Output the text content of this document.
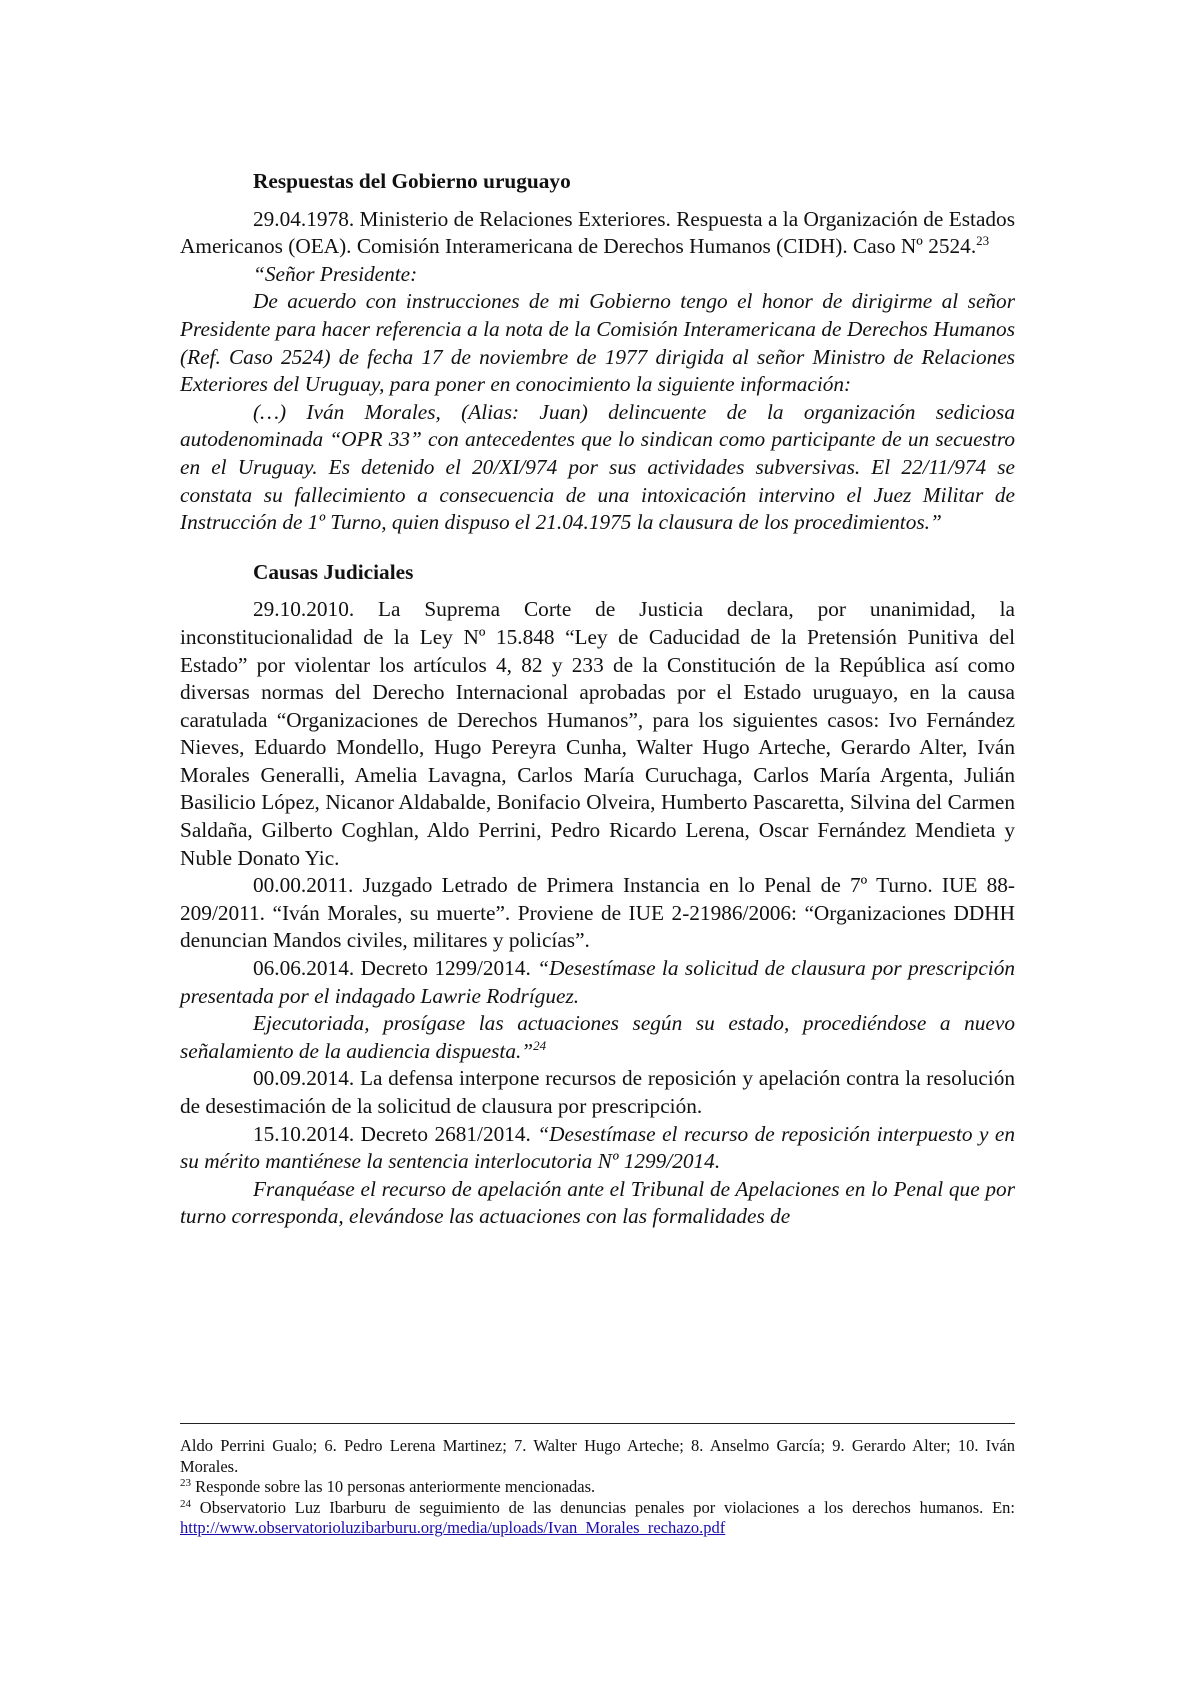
Respuestas del Gobierno uruguayo

29.04.1978. Ministerio de Relaciones Exteriores. Respuesta a la Organización de Estados Americanos (OEA). Comisión Interamericana de Derechos Humanos (CIDH). Caso Nº 2524.23

“Señor Presidente:

De acuerdo con instrucciones de mi Gobierno tengo el honor de dirigirme al señor Presidente para hacer referencia a la nota de la Comisión Interamericana de Derechos Humanos (Ref. Caso 2524) de fecha 17 de noviembre de 1977 dirigida al señor Ministro de Relaciones Exteriores del Uruguay, para poner en conocimiento la siguiente información:

(…) Iván Morales, (Alias: Juan) delincuente de la organización sediciosa autodenominada “OPR 33” con antecedentes que lo sindican como participante de un secuestro en el Uruguay. Es detenido el 20/XI/974 por sus actividades subversivas. El 22/11/974 se constata su fallecimiento a consecuencia de una intoxicación intervino el Juez Militar de Instrucción de 1º Turno, quien dispuso el 21.04.1975 la clausura de los procedimientos.”

Causas Judiciales

29.10.2010. La Suprema Corte de Justicia declara, por unanimidad, la inconstitucionalidad de la Ley Nº 15.848 “Ley de Caducidad de la Pretensión Punitiva del Estado” por violentar los artículos 4, 82 y 233 de la Constitución de la República así como diversas normas del Derecho Internacional aprobadas por el Estado uruguayo, en la causa caratulada “Organizaciones de Derechos Humanos”, para los siguientes casos: Ivo Fernández Nieves, Eduardo Mondello, Hugo Pereyra Cunha, Walter Hugo Arteche, Gerardo Alter, Iván Morales Generalli, Amelia Lavagna, Carlos María Curuchaga, Carlos María Argenta, Julián Basilicio López, Nicanor Aldabalde, Bonifacio Olveira, Humberto Pascaretta, Silvina del Carmen Saldaña, Gilberto Coghlan, Aldo Perrini, Pedro Ricardo Lerena, Oscar Fernández Mendieta y Nuble Donato Yic.

00.00.2011. Juzgado Letrado de Primera Instancia en lo Penal de 7º Turno. IUE 88-209/2011. “Iván Morales, su muerte”. Proviene de IUE 2-21986/2006: “Organizaciones DDHH denuncian Mandos civiles, militares y policías”.

06.06.2014. Decreto 1299/2014. “Desestímase la solicitud de clausura por prescripción presentada por el indagado Lawrie Rodríguez.

Ejecutoriada, prosígase las actuaciones según su estado, procediéndose a nuevo señalamiento de la audiencia dispuesta.”$^{24}$

00.09.2014. La defensa interpone recursos de reposición y apelación contra la resolución de desestimación de la solicitud de clausura por prescripción.

15.10.2014. Decreto 2681/2014. “Desestímase el recurso de reposición interpuesto y en su mérito mantiénese la sentencia interlocutoria Nº 1299/2014.

Franquéase el recurso de apelación ante el Tribunal de Apelaciones en lo Penal que por turno corresponda, elevándose las actuaciones con las formalidades de

Aldo Perrini Gualo; 6. Pedro Lerena Martinez; 7. Walter Hugo Arteche; 8. Anselmo García; 9. Gerardo Alter; 10. Iván Morales.

$^{23}$ Responde sobre las 10 personas anteriormente mencionadas.

$^{24}$ Observatorio Luz Ibarburu de seguimiento de las denuncias penales por violaciones a los derechos humanos. En: http://www.observatorioluzibarburu.org/media/uploads/Ivan_Morales_rechazo.pdf
